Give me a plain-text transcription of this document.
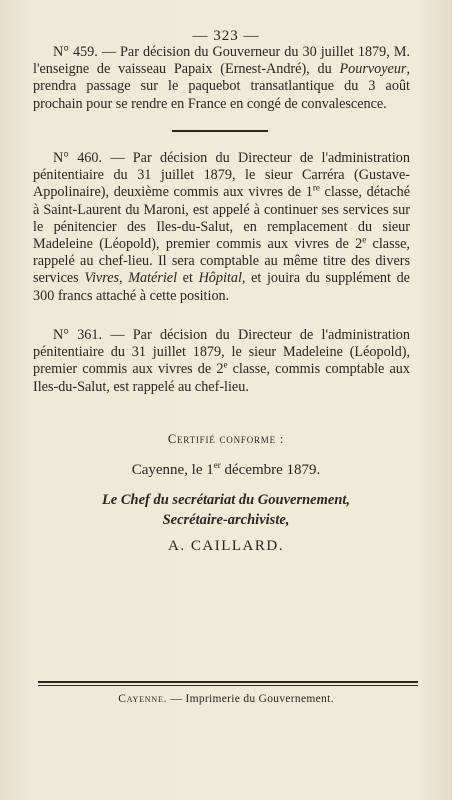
— 323 —

N° 459. — Par décision du Gouverneur du 30 juillet 1879, M. l'enseigne de vaisseau Papaix (Ernest-André), du Pourvoyeur, prendra passage sur le paquebot transatlantique du 3 août prochain pour se rendre en France en congé de convalescence.

N° 460. — Par décision du Directeur de l'administration pénitentiaire du 31 juillet 1879, le sieur Carréra (Gustave-Appolinaire), deuxième commis aux vivres de 1re classe, détaché à Saint-Laurent du Maroni, est appelé à continuer ses services sur le pénitencier des Iles-du-Salut, en remplacement du sieur Madeleine (Léopold), premier commis aux vivres de 2e classe, rappelé au chef-lieu. Il sera comptable au même titre des divers services Vivres, Matériel et Hôpital, et jouira du supplément de 300 francs attaché à cette position.

N° 361. — Par décision du Directeur de l'administration pénitentiaire du 31 juillet 1879, le sieur Madeleine (Léopold), premier commis aux vivres de 2e classe, commis comptable aux Iles-du-Salut, est rappelé au chef-lieu.

Certifié conforme :
Cayenne, le 1er décembre 1879.
Le Chef du secrétariat du Gouvernement,
Secrétaire-archiviste,
A. CAILLARD.
Cayenne. — Imprimerie du Gouvernement.
